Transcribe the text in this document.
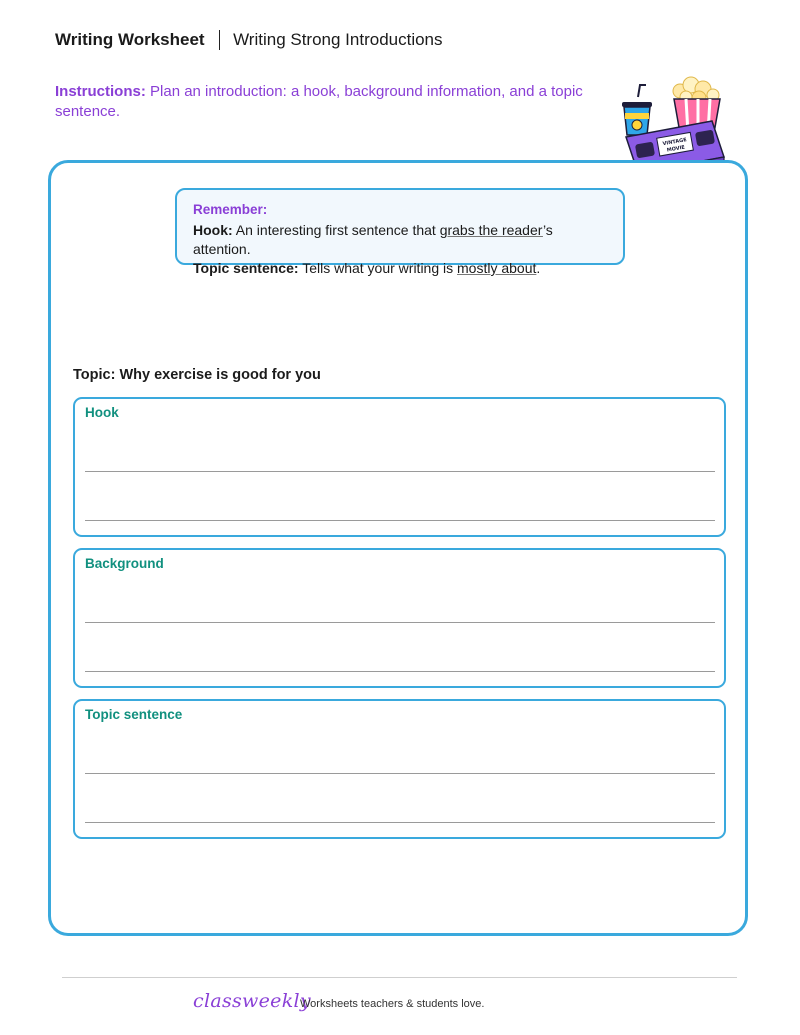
Writing Worksheet Writing Strong Introductions
Instructions: Plan an introduction: a hook, background information, and a topic sentence.
VINTAGE
MOVIE
Remember:
Hook: An interesting first sentence that grabs the reader’s attention.
Topic sentence: Tells what your writing is mostly about.
Topic: Why exercise is good for you
Hook
Background
Topic sentence
classweekly
Worksheets teachers & students love.
